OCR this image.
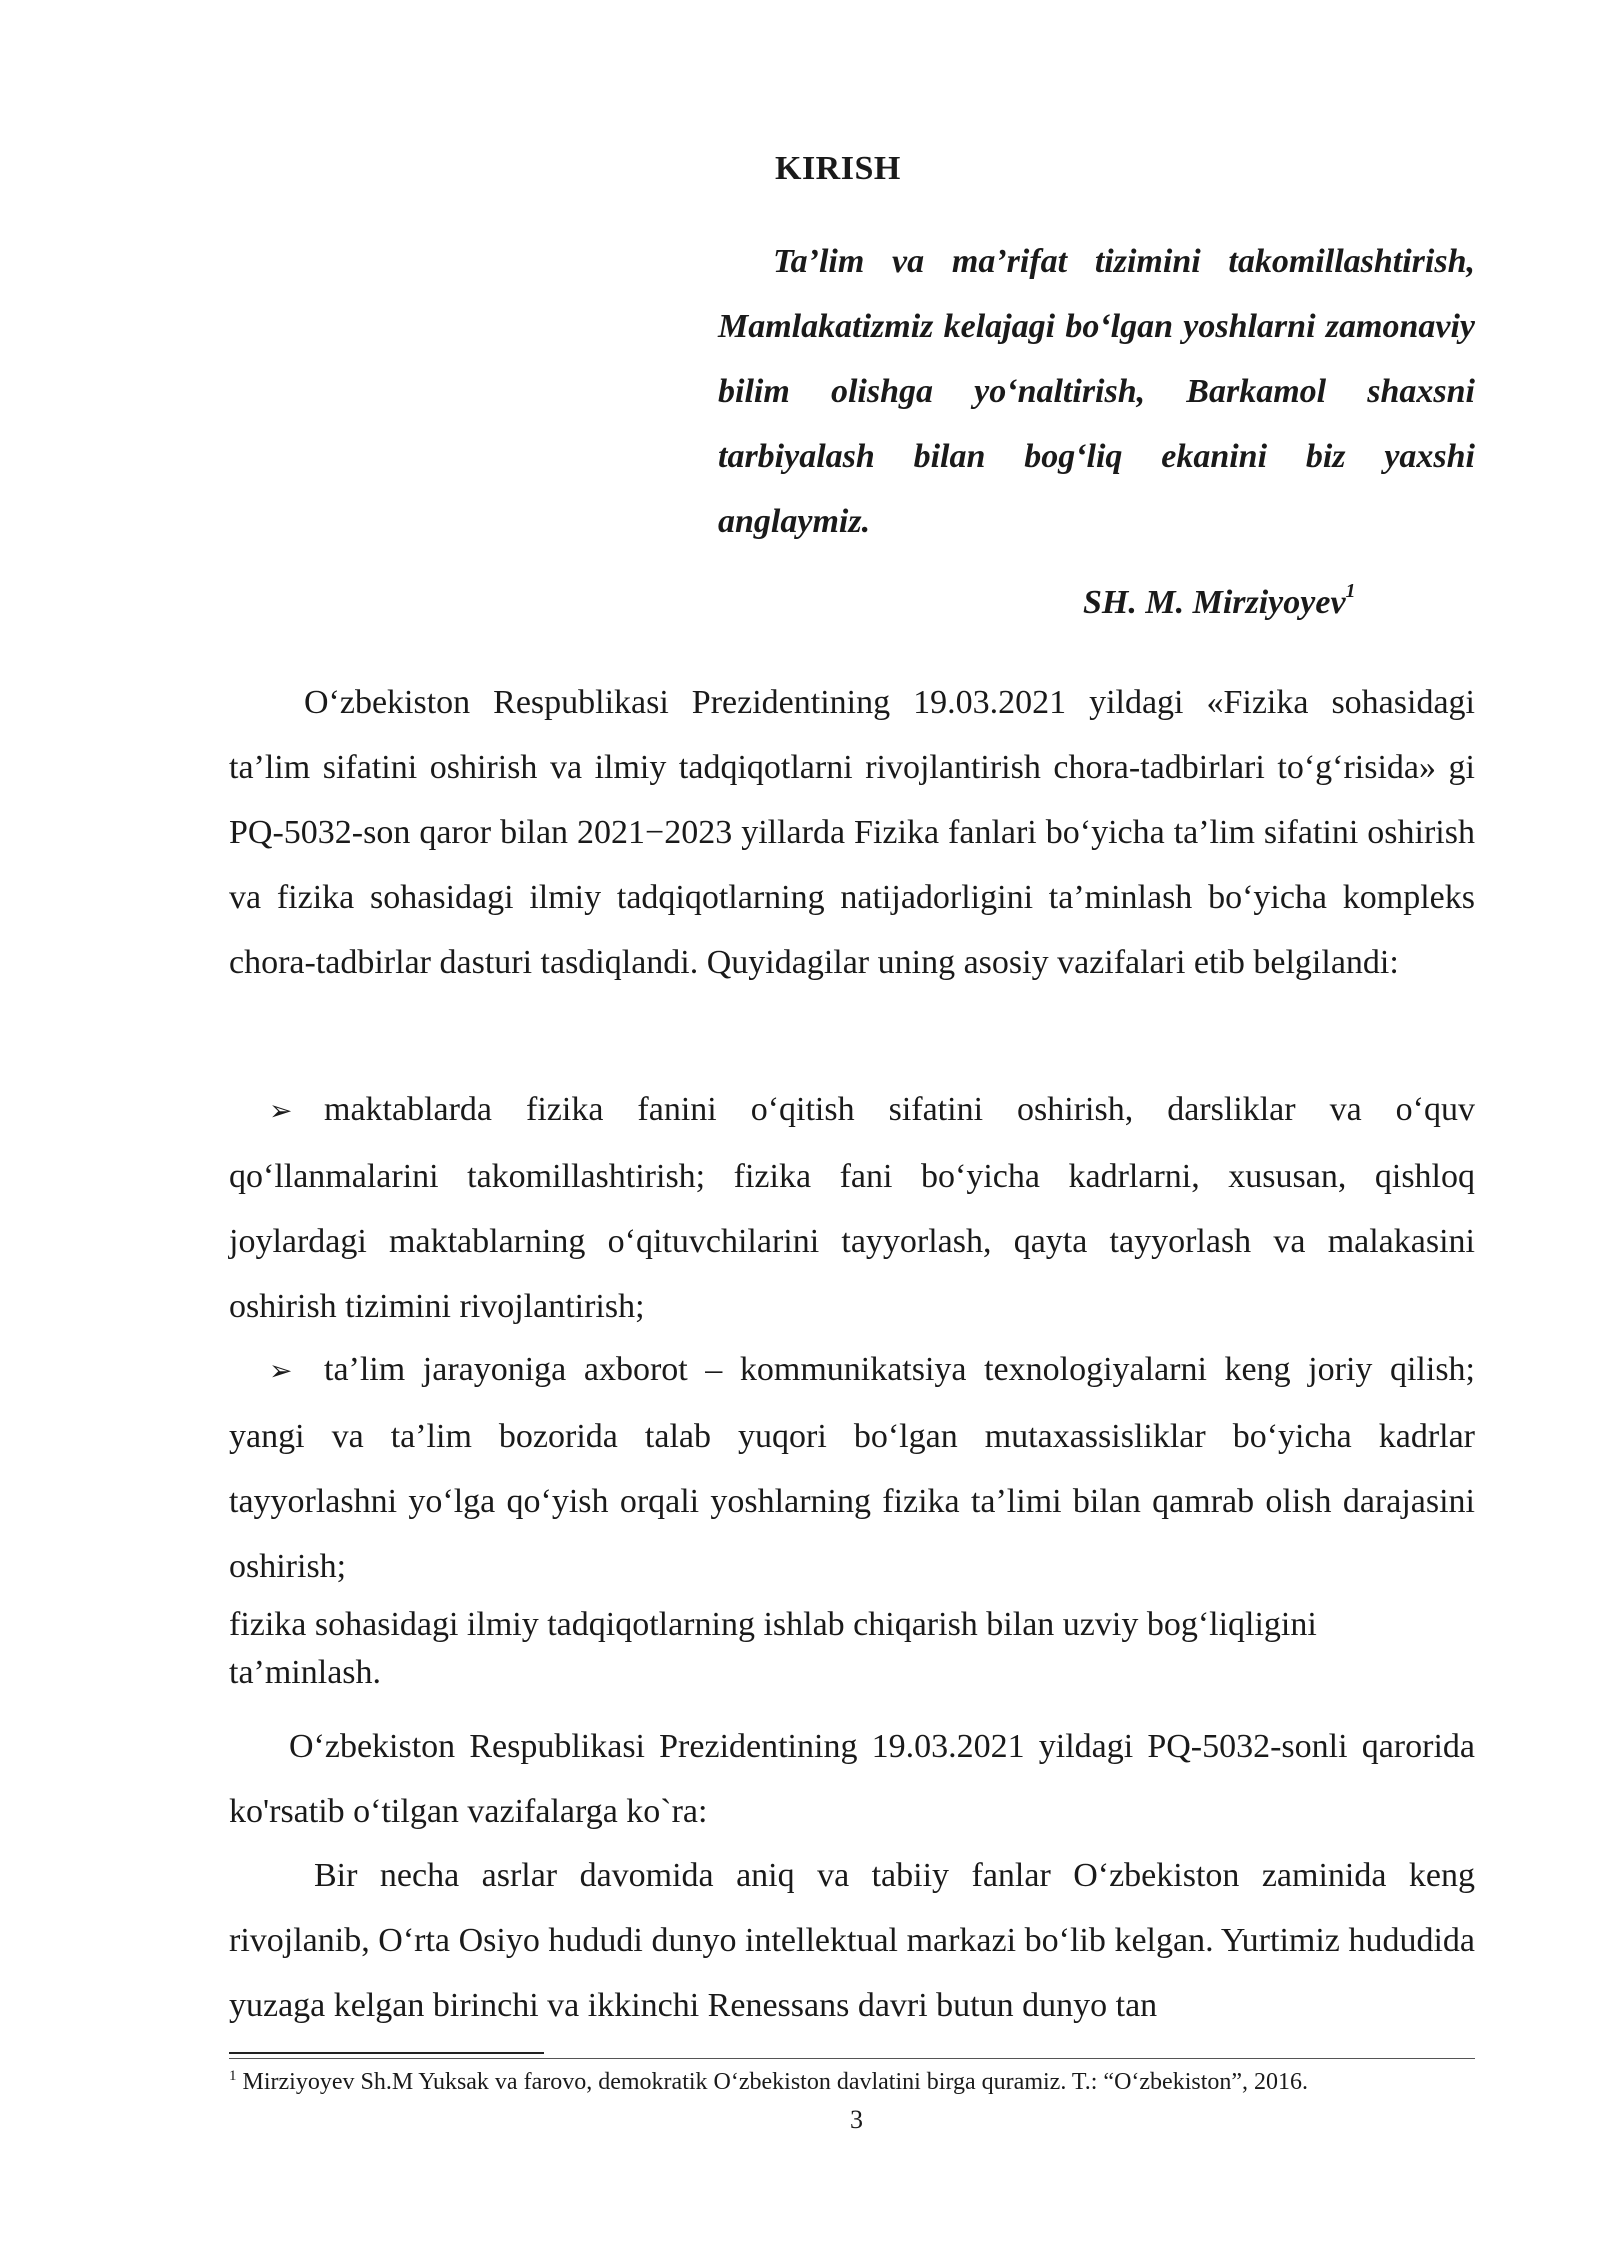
KIRISH

Ta’lim va ma’rifat tizimini takomillashtirish, Mamlakatizmiz kelajagi bo‘lgan yoshlarni zamonaviy bilim olishga yo‘naltirish, Barkamol shaxsni tarbiyalash bilan bog‘liq ekanini biz yaxshi anglaymiz.

SH. M. Mirziyoyev$^1$

O‘zbekiston Respublikasi Prezidentining 19.03.2021 yildagi «Fizika sohasidagi ta’lim sifatini oshirish va ilmiy tadqiqotlarni rivojlantirish chora-tadbirlari to‘g‘risida» gi PQ-5032-son qaror bilan 2021−2023 yillarda Fizika fanlari bo‘yicha ta’lim sifatini oshirish va fizika sohasidagi ilmiy tadqiqotlarning natijadorligini ta’minlash bo‘yicha kompleks chora-tadbirlar dasturi tasdiqlandi. Quyidagilar uning asosiy vazifalari etib belgilandi:

➢ maktablarda fizika fanini o‘qitish sifatini oshirish, darsliklar va o‘quv qo‘llanmalarini takomillashtirish; fizika fani bo‘yicha kadrlarni, xususan, qishloq joylardagi maktablarning o‘qituvchilarini tayyorlash, qayta tayyorlash va malakasini oshirish tizimini rivojlantirish;

➢ ta’lim jarayoniga axborot – kommunikatsiya texnologiyalarni keng joriy qilish; yangi va ta’lim bozorida talab yuqori bo‘lgan mutaxassisliklar bo‘yicha kadrlar tayyorlashni yo‘lga qo‘yish orqali yoshlarning fizika ta’limi bilan qamrab olish darajasini oshirish;

fizika sohasidagi ilmiy tadqiqotlarning ishlab chiqarish bilan uzviy bog‘liqligini ta’minlash.

O‘zbekiston Respublikasi Prezidentining 19.03.2021 yildagi PQ-5032-sonli qarorida ko'rsatib o‘tilgan vazifalarga ko`ra:

Bir necha asrlar davomida aniq va tabiiy fanlar O‘zbekiston zaminida keng rivojlanib, O‘rta Osiyo hududi dunyo intellektual markazi bo‘lib kelgan. Yurtimiz hududida yuzaga kelgan birinchi va ikkinchi Renessans davri butun dunyo tan

$^1$ Mirziyoyev Sh.M Yuksak va farovo, demokratik O‘zbekiston davlatini birga quramiz. T.: “O‘zbekiston”, 2016.

3
